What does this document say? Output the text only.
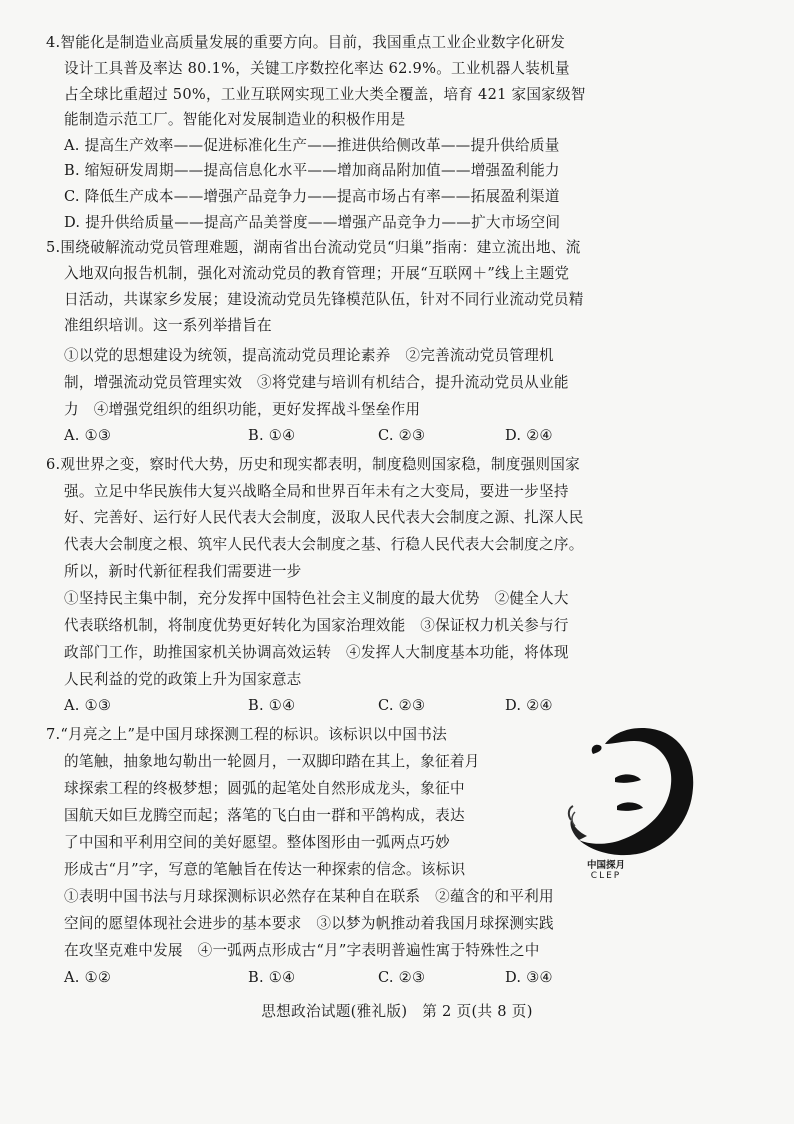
4.智能化是制造业高质量发展的重要方向。目前，我国重点工业企业数字化研发
设计工具普及率达 80.1%，关键工序数控化率达 62.9%。工业机器人装机量
占全球比重超过 50%，工业互联网实现工业大类全覆盖，培育 421 家国家级智
能制造示范工厂。智能化对发展制造业的积极作用是
A. 提高生产效率——促进标准化生产——推进供给侧改革——提升供给质量
B. 缩短研发周期——提高信息化水平——增加商品附加值——增强盈利能力
C. 降低生产成本——增强产品竞争力——提高市场占有率——拓展盈利渠道
D. 提升供给质量——提高产品美誉度——增强产品竞争力——扩大市场空间
5.围绕破解流动党员管理难题，湖南省出台流动党员“归巢”指南：建立流出地、流
入地双向报告机制，强化对流动党员的教育管理；开展“互联网＋”线上主题党
日活动，共谋家乡发展；建设流动党员先锋模范队伍，针对不同行业流动党员精
准组织培训。这一系列举措旨在
①以党的思想建设为统领，提高流动党员理论素养　②完善流动党员管理机
制，增强流动党员管理实效　③将党建与培训有机结合，提升流动党员从业能
力　④增强党组织的组织功能，更好发挥战斗堡垒作用
A. ①③	B. ①④	C. ②③	D. ②④
6.观世界之变，察时代大势，历史和现实都表明，制度稳则国家稳，制度强则国家
强。立足中华民族伟大复兴战略全局和世界百年未有之大变局，要进一步坚持
好、完善好、运行好人民代表大会制度，汲取人民代表大会制度之源、扎深人民
代表大会制度之根、筑牢人民代表大会制度之基、行稳人民代表大会制度之序。
所以，新时代新征程我们需要进一步
①坚持民主集中制，充分发挥中国特色社会主义制度的最大优势　②健全人大
代表联络机制，将制度优势更好转化为国家治理效能　③保证权力机关参与行
政部门工作，助推国家机关协调高效运转　④发挥人大制度基本功能，将体现
人民利益的党的政策上升为国家意志
A. ①③	B. ①④	C. ②③	D. ②④
7.“月亮之上”是中国月球探测工程的标识。该标识以中国书法
的笔触，抽象地勾勒出一轮圆月，一双脚印踏在其上，象征着月
球探索工程的终极梦想；圆弧的起笔处自然形成龙头，象征中
国航天如巨龙腾空而起；落笔的飞白由一群和平鸽构成，表达
了中国和平利用空间的美好愿望。整体图形由一弧两点巧妙
形成古“月”字，写意的笔触旨在传达一种探索的信念。该标识
①表明中国书法与月球探测标识必然存在某种自在联系　②蕴含的和平利用
空间的愿望体现社会进步的基本要求　③以梦为帆推动着我国月球探测实践
在攻坚克难中发展　④一弧两点形成古“月”字表明普遍性寓于特殊性之中
A. ①②	B. ①④	C. ②③	D. ③④
中国探月
CLEP
思想政治试题(雅礼版)　第 2 页(共 8 页)
